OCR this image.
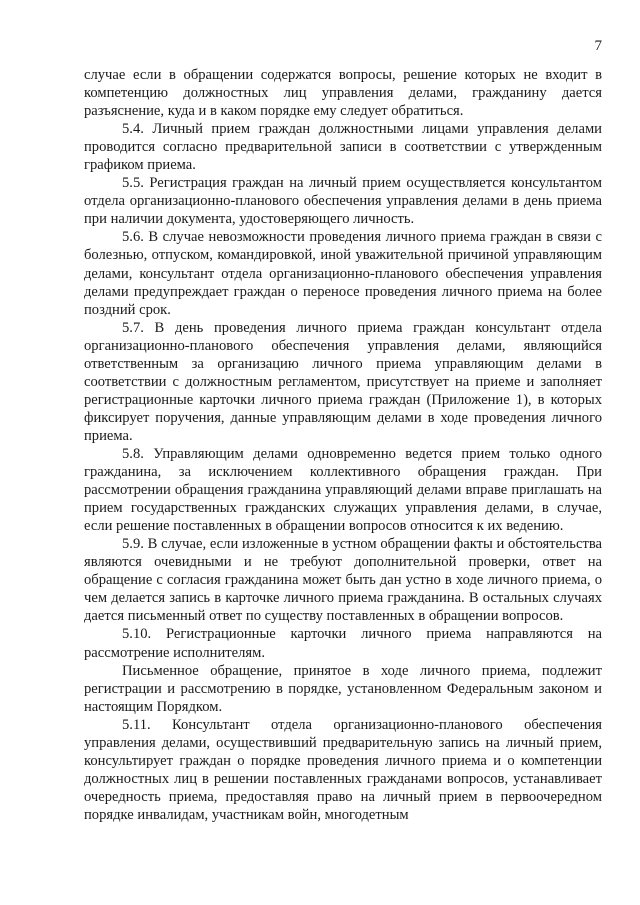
7

случае если в обращении содержатся вопросы, решение которых не входит в компетенцию должностных лиц управления делами, гражданину дается разъяснение, куда и в каком порядке ему следует обратиться.

5.4. Личный прием граждан должностными лицами управления делами проводится согласно предварительной записи в соответствии с утвержденным графиком приема.

5.5. Регистрация граждан на личный прием осуществляется консультантом отдела организационно-планового обеспечения управления делами в день приема при наличии документа, удостоверяющего личность.

5.6. В случае невозможности проведения личного приема граждан в связи с болезнью, отпуском, командировкой, иной уважительной причиной управляющим делами, консультант отдела организационно-планового обеспечения управления делами предупреждает граждан о переносе проведения личного приема на более поздний срок.

5.7. В день проведения личного приема граждан консультант отдела организационно-планового обеспечения управления делами, являющийся ответственным за организацию личного приема управляющим делами в соответствии с должностным регламентом, присутствует на приеме и заполняет регистрационные карточки личного приема граждан (Приложение 1), в которых фиксирует поручения, данные управляющим делами в ходе проведения личного приема.

5.8. Управляющим делами одновременно ведется прием только одного гражданина, за исключением коллективного обращения граждан. При рассмотрении обращения гражданина управляющий делами вправе приглашать на прием государственных гражданских служащих управления делами, в случае, если решение поставленных в обращении вопросов относится к их ведению.

5.9. В случае, если изложенные в устном обращении факты и обстоятельства являются очевидными и не требуют дополнительной проверки, ответ на обращение с согласия гражданина может быть дан устно в ходе личного приема, о чем делается запись в карточке личного приема гражданина. В остальных случаях дается письменный ответ по существу поставленных в обращении вопросов.

5.10. Регистрационные карточки личного приема направляются на рассмотрение исполнителям.

Письменное обращение, принятое в ходе личного приема, подлежит регистрации и рассмотрению в порядке, установленном Федеральным законом и настоящим Порядком.

5.11. Консультант отдела организационно-планового обеспечения управления делами, осуществивший предварительную запись на личный прием, консультирует граждан о порядке проведения личного приема и о компетенции должностных лиц в решении поставленных гражданами вопросов, устанавливает очередность приема, предоставляя право на личный прием в первоочередном порядке инвалидам, участникам войн, многодетным
